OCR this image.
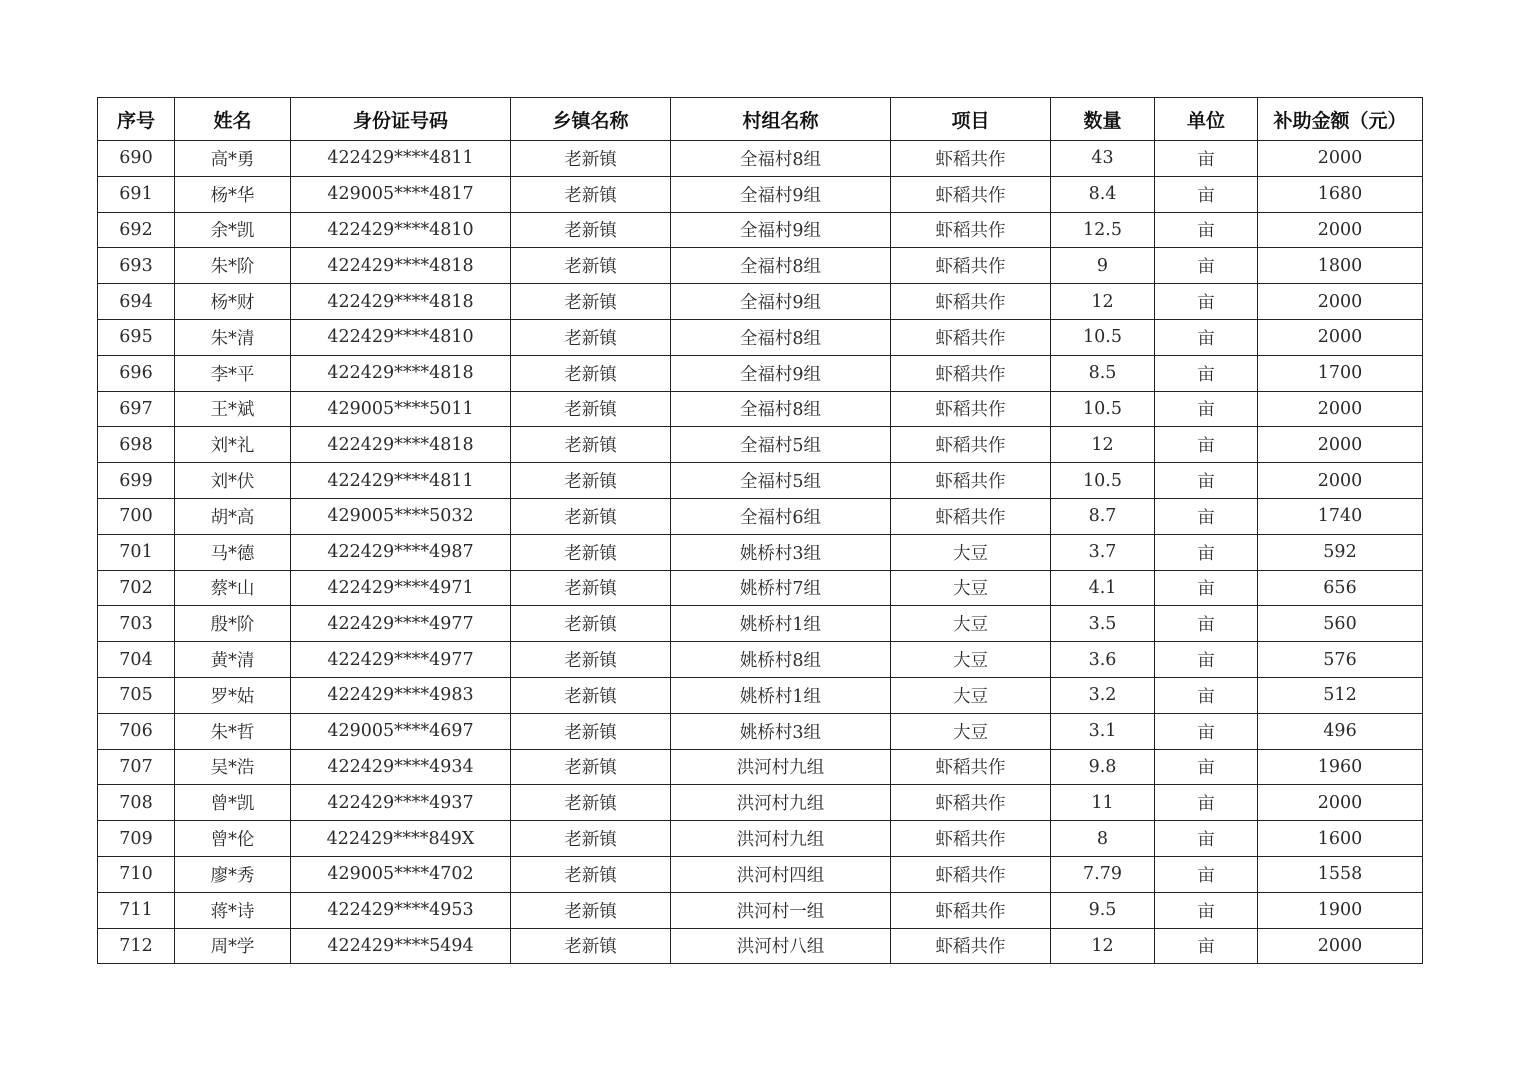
序号	姓名	身份证号码	乡镇名称	村组名称	项目	数量	单位	补助金额（元）
690	高*勇	422429****4811	老新镇	全福村8组	虾稻共作	43	亩	2000
691	杨*华	429005****4817	老新镇	全福村9组	虾稻共作	8.4	亩	1680
692	余*凯	422429****4810	老新镇	全福村9组	虾稻共作	12.5	亩	2000
693	朱*阶	422429****4818	老新镇	全福村8组	虾稻共作	9	亩	1800
694	杨*财	422429****4818	老新镇	全福村9组	虾稻共作	12	亩	2000
695	朱*清	422429****4810	老新镇	全福村8组	虾稻共作	10.5	亩	2000
696	李*平	422429****4818	老新镇	全福村9组	虾稻共作	8.5	亩	1700
697	王*斌	429005****5011	老新镇	全福村8组	虾稻共作	10.5	亩	2000
698	刘*礼	422429****4818	老新镇	全福村5组	虾稻共作	12	亩	2000
699	刘*伏	422429****4811	老新镇	全福村5组	虾稻共作	10.5	亩	2000
700	胡*高	429005****5032	老新镇	全福村6组	虾稻共作	8.7	亩	1740
701	马*德	422429****4987	老新镇	姚桥村3组	大豆	3.7	亩	592
702	蔡*山	422429****4971	老新镇	姚桥村7组	大豆	4.1	亩	656
703	殷*阶	422429****4977	老新镇	姚桥村1组	大豆	3.5	亩	560
704	黄*清	422429****4977	老新镇	姚桥村8组	大豆	3.6	亩	576
705	罗*姑	422429****4983	老新镇	姚桥村1组	大豆	3.2	亩	512
706	朱*哲	429005****4697	老新镇	姚桥村3组	大豆	3.1	亩	496
707	吴*浩	422429****4934	老新镇	洪河村九组	虾稻共作	9.8	亩	1960
708	曾*凯	422429****4937	老新镇	洪河村九组	虾稻共作	11	亩	2000
709	曾*伦	422429****849X	老新镇	洪河村九组	虾稻共作	8	亩	1600
710	廖*秀	429005****4702	老新镇	洪河村四组	虾稻共作	7.79	亩	1558
711	蒋*诗	422429****4953	老新镇	洪河村一组	虾稻共作	9.5	亩	1900
712	周*学	422429****5494	老新镇	洪河村八组	虾稻共作	12	亩	2000
